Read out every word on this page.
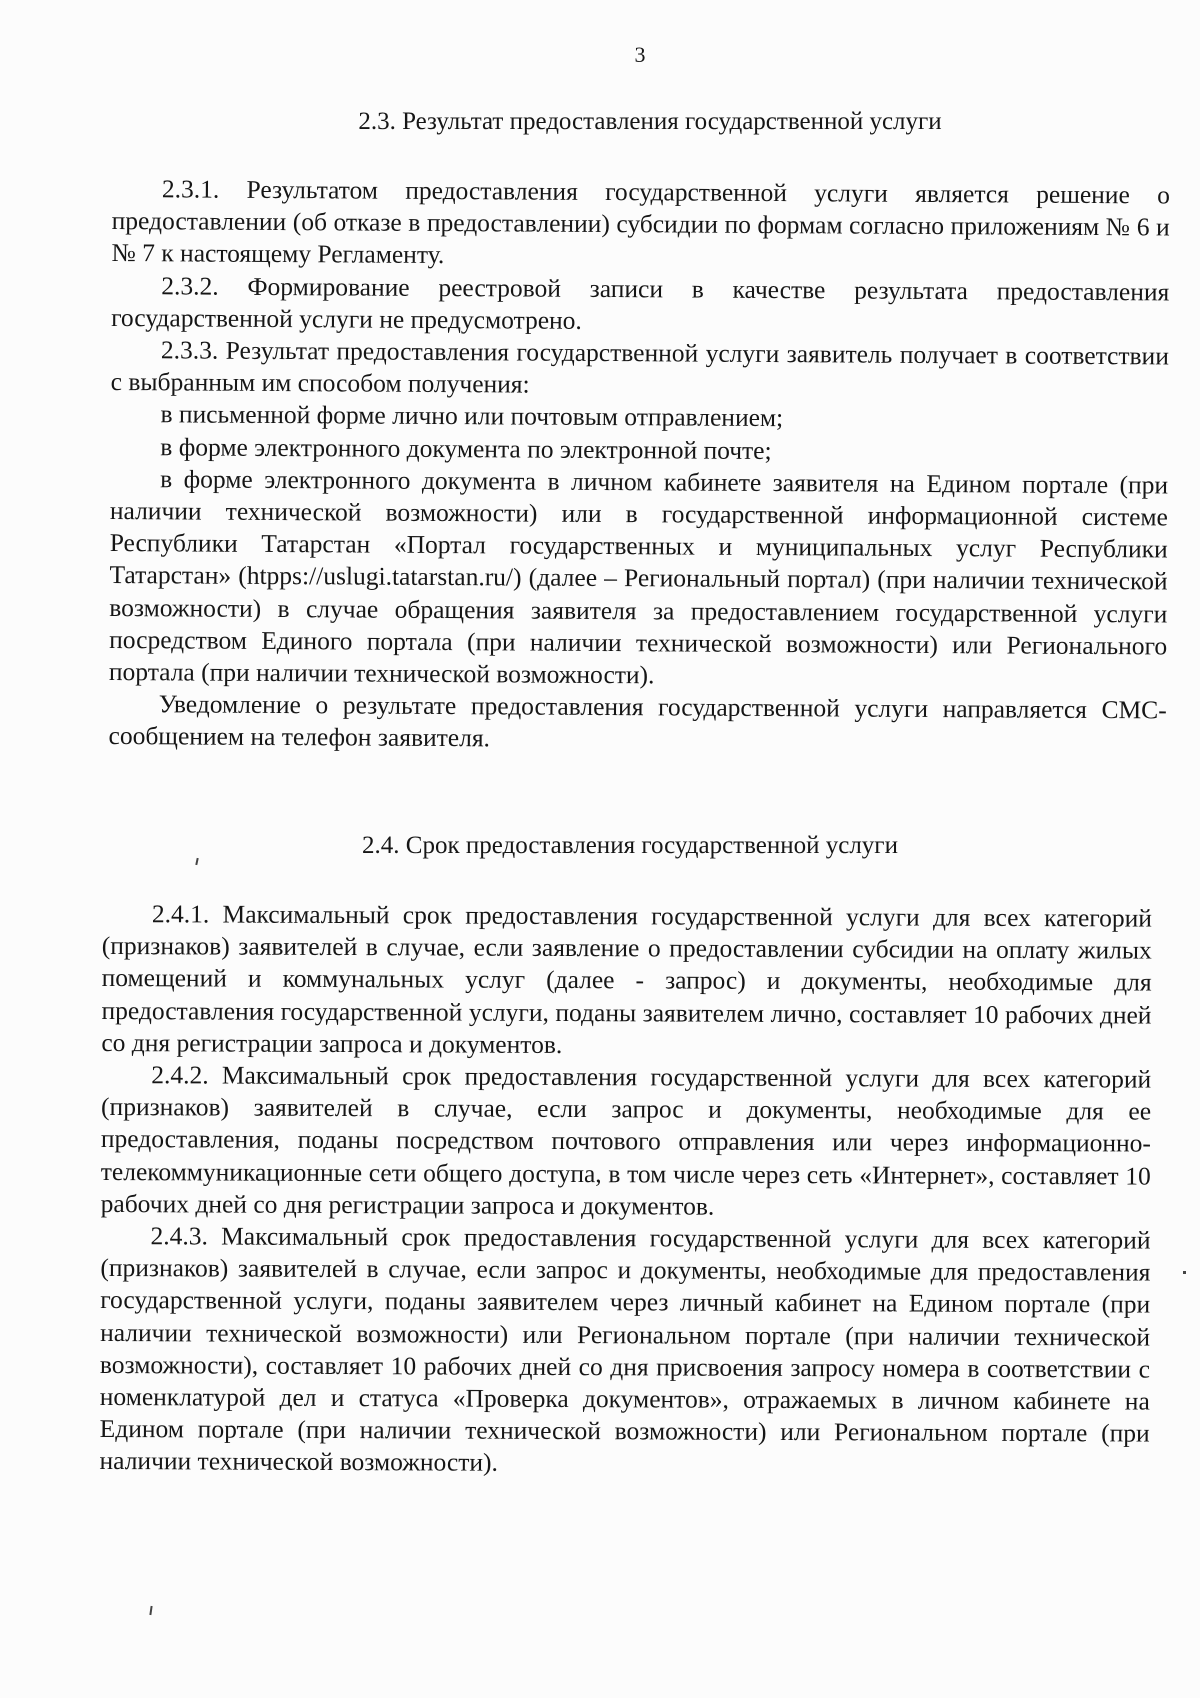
3
2.3. Результат предоставления государственной услуги

2.3.1. Результатом предоставления государственной услуги является решение о предоставлении (об отказе в предоставлении) субсидии по формам согласно приложениям № 6 и № 7 к настоящему Регламенту.

2.3.2. Формирование реестровой записи в качестве результата предоставления государственной услуги не предусмотрено.

2.3.3. Результат предоставления государственной услуги заявитель получает в соответствии с выбранным им способом получения:

в письменной форме лично или почтовым отправлением;

в форме электронного документа по электронной почте;

в форме электронного документа в личном кабинете заявителя на Едином портале (при наличии технической возможности) или в государственной информационной системе Республики Татарстан «Портал государственных и муниципальных услуг Республики Татарстан» (htpps://uslugi.tatarstan.ru/) (далее – Региональный портал) (при наличии технической возможности) в случае обращения заявителя за предоставлением государственной услуги посредством Единого портала (при наличии технической возможности) или Регионального портала (при наличии технической возможности).

Уведомление о результате предоставления государственной услуги направляется СМС-сообщением на телефон заявителя.

2.4. Срок предоставления государственной услуги

2.4.1. Максимальный срок предоставления государственной услуги для всех категорий (признаков) заявителей в случае, если заявление о предоставлении субсидии на оплату жилых помещений и коммунальных услуг (далее - запрос) и документы, необходимые для предоставления государственной услуги, поданы заявителем лично, составляет 10 рабочих дней со дня регистрации запроса и документов.

2.4.2. Максимальный срок предоставления государственной услуги для всех категорий (признаков) заявителей в случае, если запрос и документы, необходимые для ее предоставления, поданы посредством почтового отправления или через информационно-телекоммуникационные сети общего доступа, в том числе через сеть «Интернет», составляет 10 рабочих дней со дня регистрации запроса и документов.

2.4.3. Максимальный срок предоставления государственной услуги для всех категорий (признаков) заявителей в случае, если запрос и документы, необходимые для предоставления государственной услуги, поданы заявителем через личный кабинет на Едином портале (при наличии технической возможности) или Региональном портале (при наличии технической возможности), составляет 10 рабочих дней со дня присвоения запросу номера в соответствии с номенклатурой дел и статуса «Проверка документов», отражаемых в личном кабинете на Едином портале (при наличии технической возможности) или Региональном портале (при наличии технической возможности).
